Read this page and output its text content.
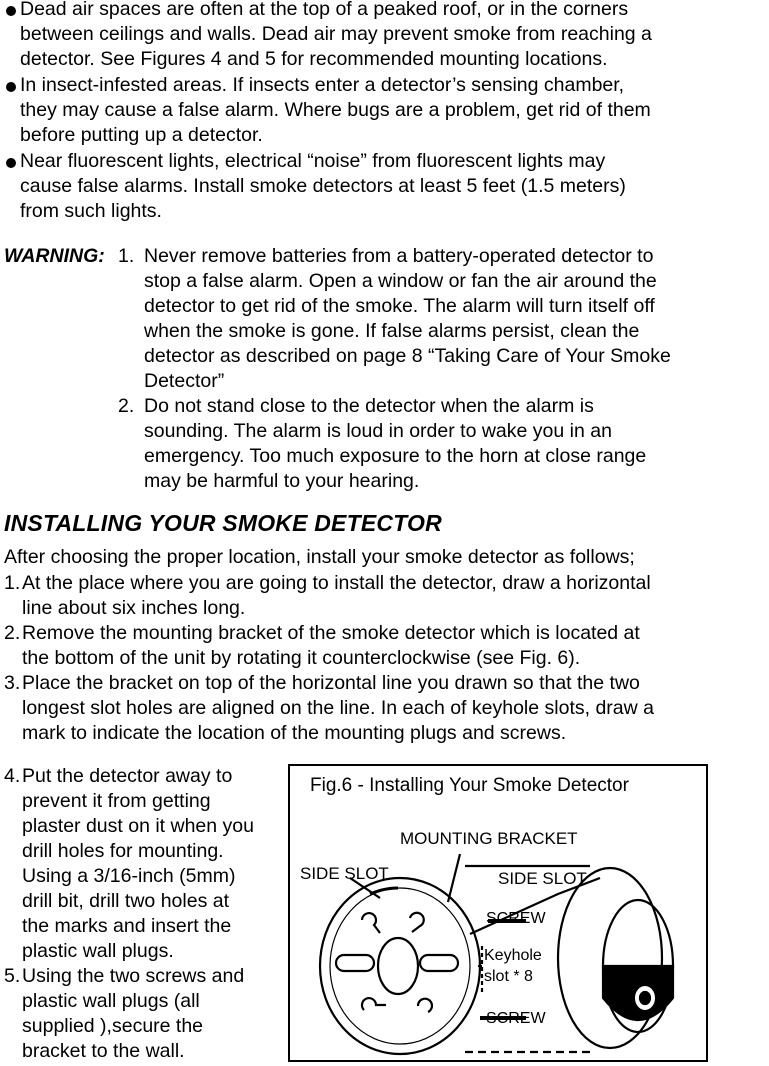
Dead air spaces are often at the top of a peaked roof, or in the corners
between ceilings and walls. Dead air may prevent smoke from reaching a
detector. See Figures 4 and 5 for recommended mounting locations.
In insect-infested areas. If insects enter a detector’s sensing chamber,
they may cause a false alarm. Where bugs are a problem, get rid of them
before putting up a detector.
Near fluorescent lights, electrical “noise” from fluorescent lights may
cause false alarms. Install smoke detectors at least 5 feet (1.5 meters)
from such lights.
WARNING: 1. Never remove batteries from a battery-operated detector to
stop a false alarm. Open a window or fan the air around the
detector to get rid of the smoke. The alarm will turn itself off
when the smoke is gone. If false alarms persist, clean the
detector as described on page 8 “Taking Care of Your Smoke
Detector”
2. Do not stand close to the detector when the alarm is
sounding. The alarm is loud in order to wake you in an
emergency. Too much exposure to the horn at close range
may be harmful to your hearing.
INSTALLING YOUR SMOKE DETECTOR
After choosing the proper location, install your smoke detector as follows;
1. At the place where you are going to install the detector, draw a horizontal
line about six inches long.
2. Remove the mounting bracket of the smoke detector which is located at
the bottom of the unit by rotating it counterclockwise (see Fig. 6).
3. Place the bracket on top of the horizontal line you drawn so that the two
longest slot holes are aligned on the line. In each of keyhole slots, draw a
mark to indicate the location of the mounting plugs and screws.
4. Put the detector away to
prevent it from getting
plaster dust on it when you
drill holes for mounting.
Using a 3/16-inch (5mm)
drill bit, drill two holes at
the marks and insert the
plastic wall plugs.
5. Using the two screws and
plastic wall plugs (all
supplied ),secure the
bracket to the wall.
Fig.6 - Installing Your Smoke Detector
MOUNTING BRACKET
SIDE SLOT	SIDE SLOT
SCREW
Keyhole
slot * 8
SCREW
